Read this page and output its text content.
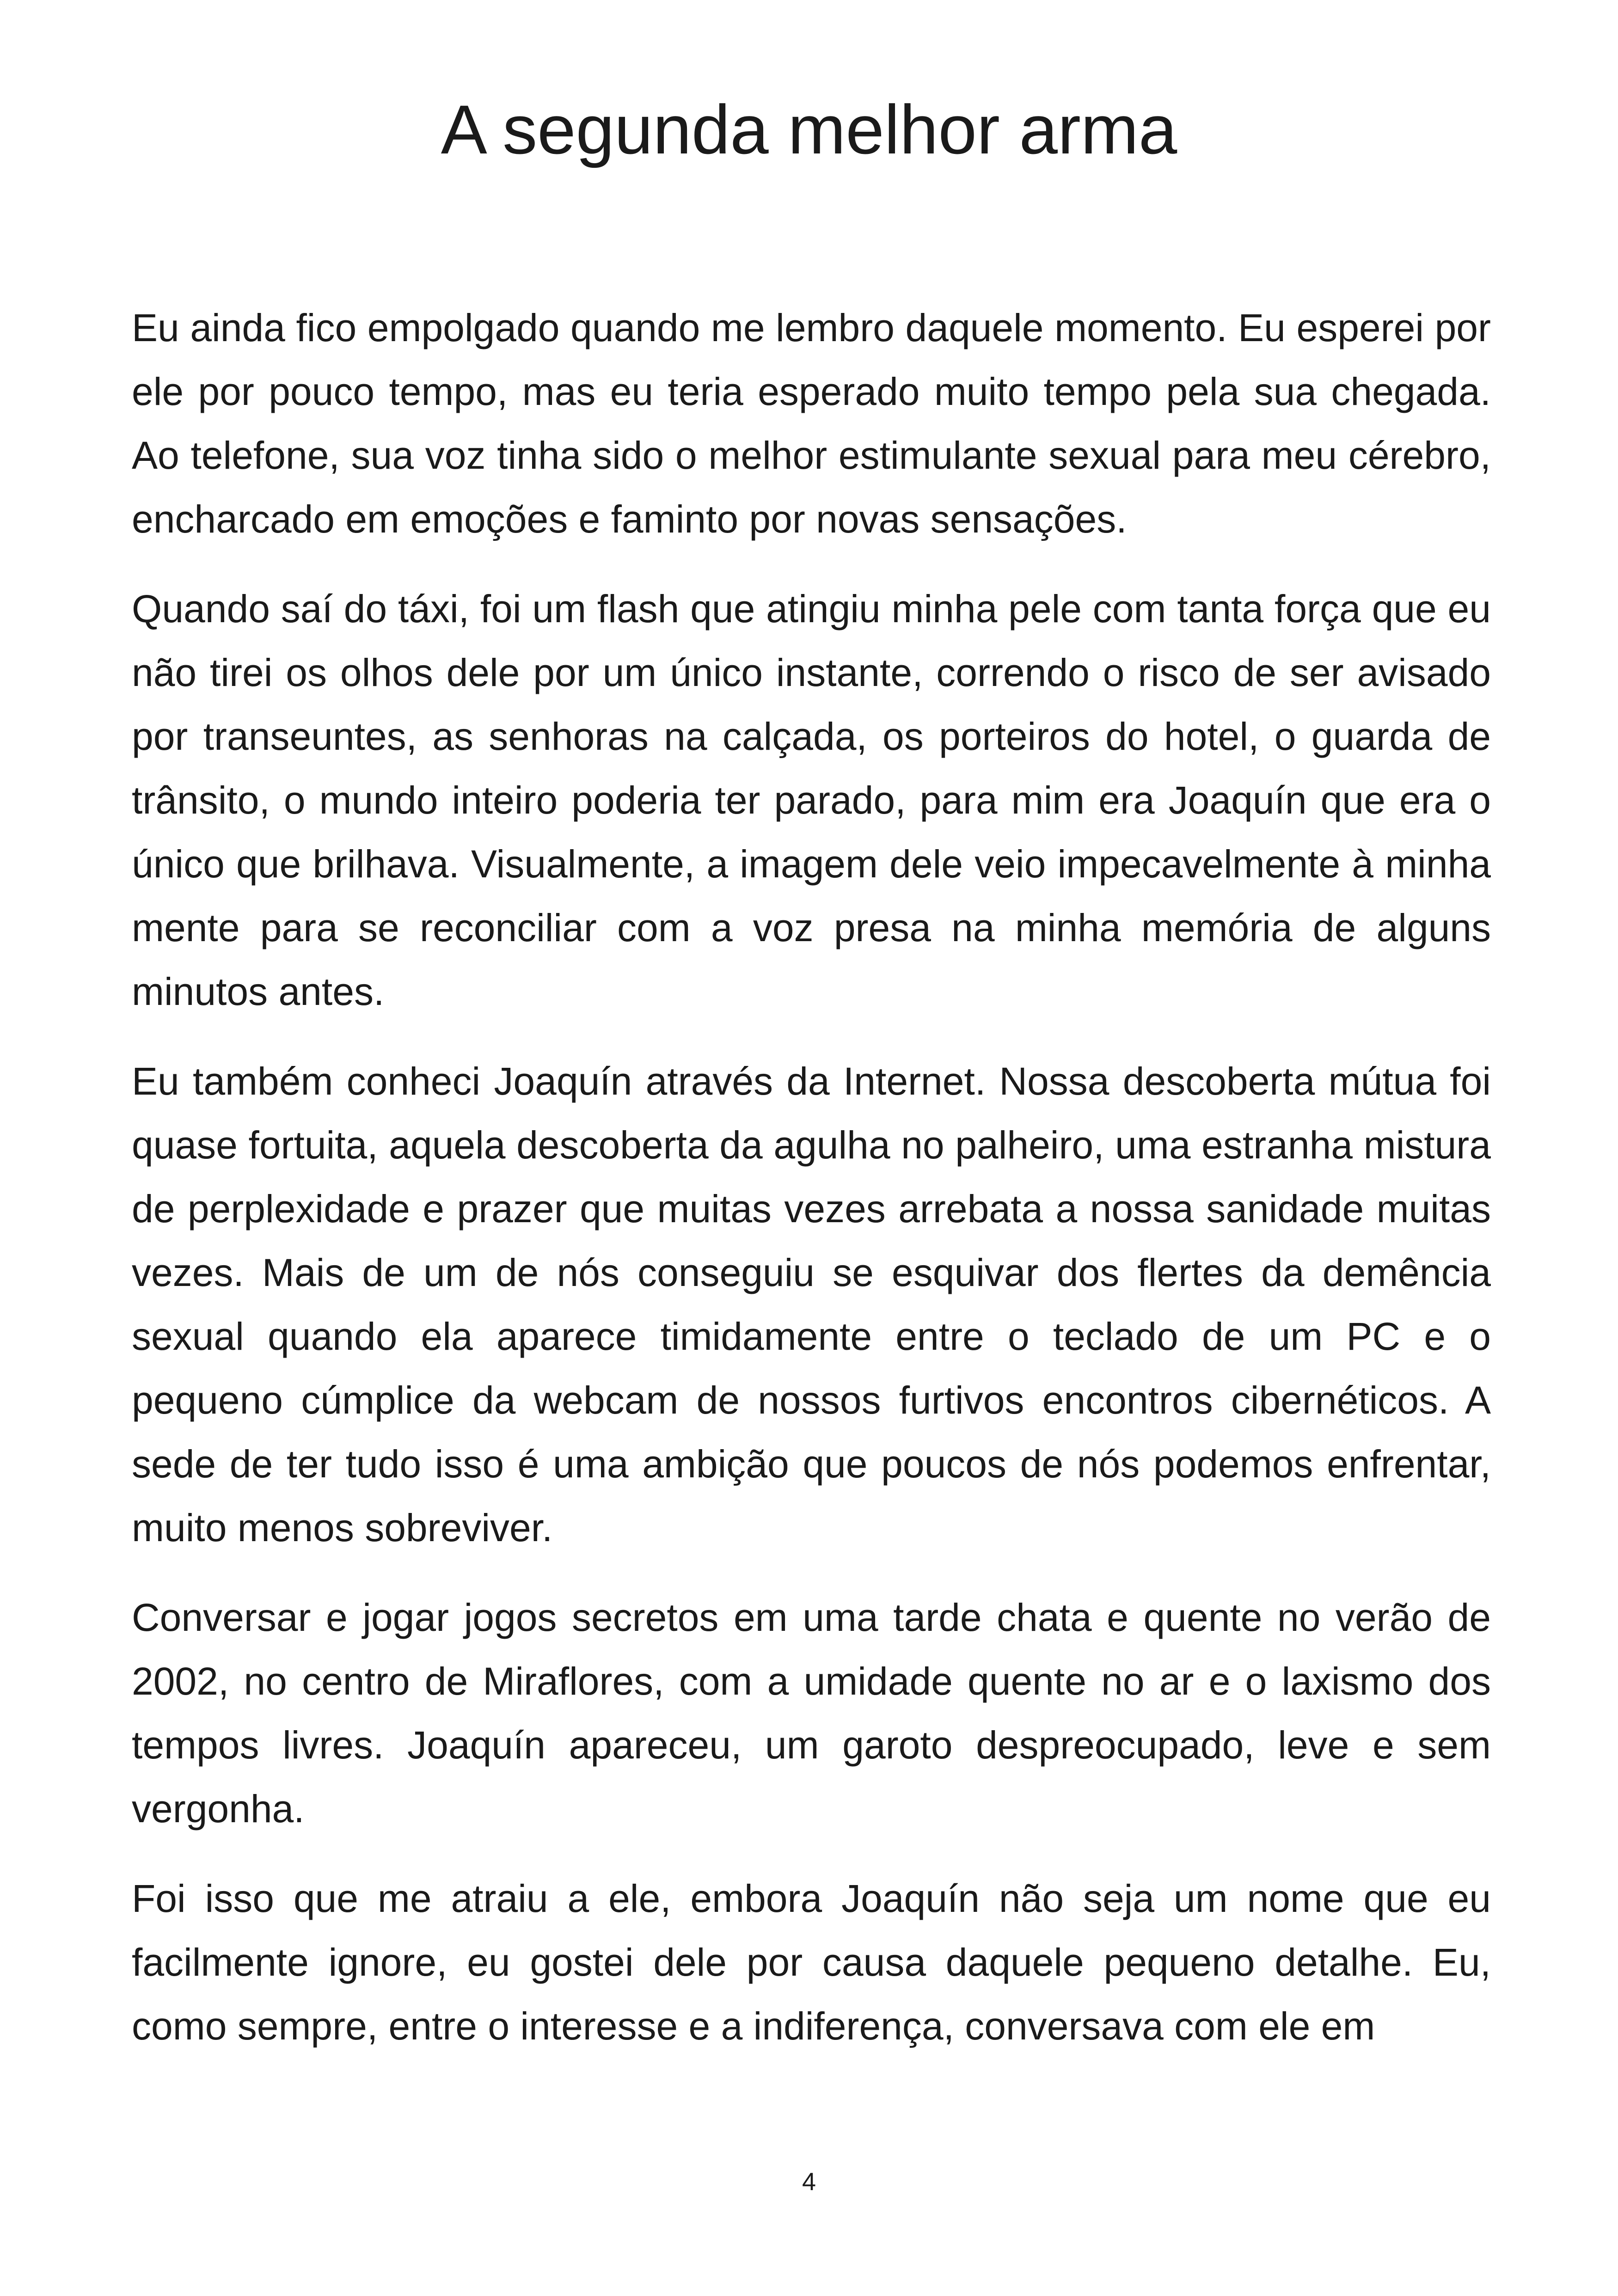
A segunda melhor arma

Eu ainda fico empolgado quando me lembro daquele momento. Eu esperei por ele por pouco tempo, mas eu teria esperado muito tempo pela sua chegada. Ao telefone, sua voz tinha sido o melhor estimulante sexual para meu cérebro, encharcado em emoções e faminto por novas sensações.

Quando saí do táxi, foi um flash que atingiu minha pele com tanta força que eu não tirei os olhos dele por um único instante, correndo o risco de ser avisado por transeuntes, as senhoras na calçada, os porteiros do hotel, o guarda de trânsito, o mundo inteiro poderia ter parado, para mim era Joaquín que era o único que brilhava. Visualmente, a imagem dele veio impecavelmente à minha mente para se reconciliar com a voz presa na minha memória de alguns minutos antes.

Eu também conheci Joaquín através da Internet. Nossa descoberta mútua foi quase fortuita, aquela descoberta da agulha no palheiro, uma estranha mistura de perplexidade e prazer que muitas vezes arrebata a nossa sanidade muitas vezes. Mais de um de nós conseguiu se esquivar dos flertes da demência sexual quando ela aparece timidamente entre o teclado de um PC e o pequeno cúmplice da webcam de nossos furtivos encontros cibernéticos. A sede de ter tudo isso é uma ambição que poucos de nós podemos enfrentar, muito menos sobreviver.

Conversar e jogar jogos secretos em uma tarde chata e quente no verão de 2002, no centro de Miraflores, com a umidade quente no ar e o laxismo dos tempos livres. Joaquín apareceu, um garoto despreocupado, leve e sem vergonha.

Foi isso que me atraiu a ele, embora Joaquín não seja um nome que eu facilmente ignore, eu gostei dele por causa daquele pequeno detalhe. Eu, como sempre, entre o interesse e a indiferença, conversava com ele em

4
